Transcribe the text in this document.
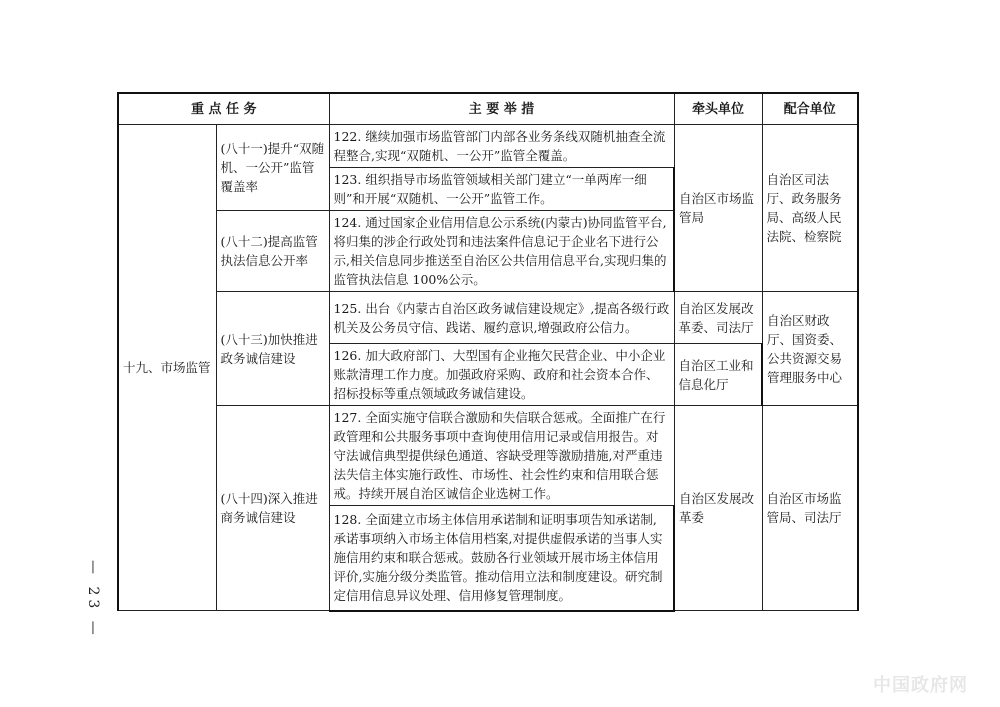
重 点 任 务		主 要 举 措	牵头单位	配合单位
十九、市场监管	(八十一)提升“双随机、一公开”监管覆盖率	122. 继续加强市场监管部门内部各业务条线双随机抽查全流程整合,实现“双随机、一公开”监管全覆盖。	自治区市场监管局	自治区司法厅、政务服务局、高级人民法院、检察院
		123. 组织指导市场监管领域相关部门建立“一单两库一细则”和开展“双随机、一公开”监管工作。		
	(八十二)提高监管执法信息公开率	124. 通过国家企业信用信息公示系统(内蒙古)协同监管平台,将归集的涉企行政处罚和违法案件信息记于企业名下进行公示,相关信息同步推送至自治区公共信用信息平台,实现归集的监管执法信息 100%公示。		
	(八十三)加快推进政务诚信建设	125. 出台《内蒙古自治区政务诚信建设规定》,提高各级行政机关及公务员守信、践诺、履约意识,增强政府公信力。	自治区发展改革委、司法厅	自治区财政厅、国资委、公共资源交易管理服务中心
		126. 加大政府部门、大型国有企业拖欠民营企业、中小企业账款清理工作力度。加强政府采购、政府和社会资本合作、招标投标等重点领域政务诚信建设。	自治区工业和信息化厅	
	(八十四)深入推进商务诚信建设	127. 全面实施守信联合激励和失信联合惩戒。全面推广在行政管理和公共服务事项中查询使用信用记录或信用报告。对守法诚信典型提供绿色通道、容缺受理等激励措施,对严重违法失信主体实施行政性、市场性、社会性约束和信用联合惩戒。持续开展自治区诚信企业选树工作。	自治区发展改革委	自治区市场监管局、司法厅
		128. 全面建立市场主体信用承诺制和证明事项告知承诺制,承诺事项纳入市场主体信用档案,对提供虚假承诺的当事人实施信用约束和联合惩戒。鼓励各行业领域开展市场主体信用评价,实施分级分类监管。推动信用立法和制度建设。研究制定信用信息异议处理、信用修复管理制度。		
— 23 —
中国政府网
